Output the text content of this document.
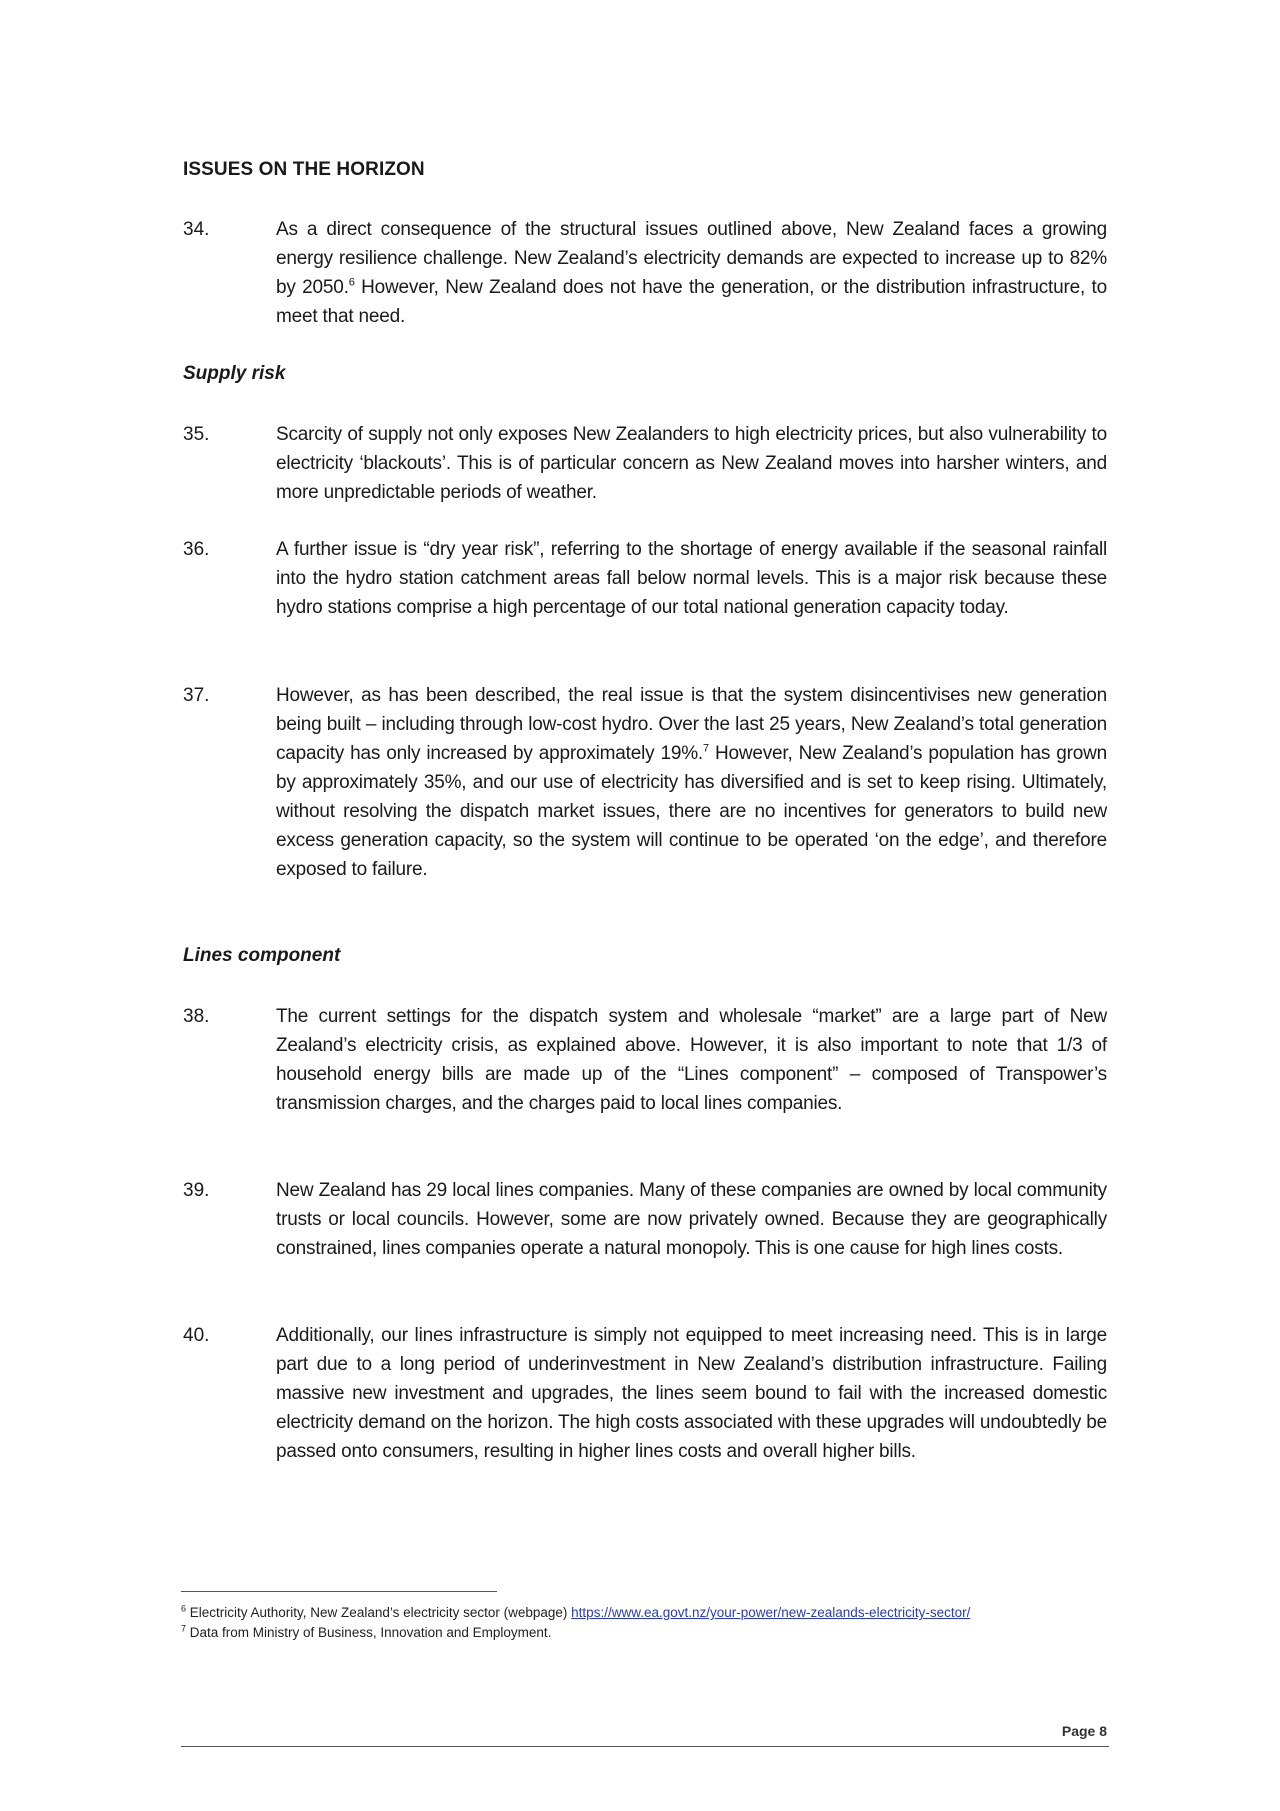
ISSUES ON THE HORIZON
34.	As a direct consequence of the structural issues outlined above, New Zealand faces a growing energy resilience challenge. New Zealand’s electricity demands are expected to increase up to 82% by 2050.$^6$ However, New Zealand does not have the generation, or the distribution infrastructure, to meet that need.
Supply risk
35.	Scarcity of supply not only exposes New Zealanders to high electricity prices, but also vulnerability to electricity ‘blackouts’. This is of particular concern as New Zealand moves into harsher winters, and more unpredictable periods of weather.
36.	A further issue is “dry year risk”, referring to the shortage of energy available if the seasonal rainfall into the hydro station catchment areas fall below normal levels. This is a major risk because these hydro stations comprise a high percentage of our total national generation capacity today.
37.	However, as has been described, the real issue is that the system disincentivises new generation being built – including through low-cost hydro. Over the last 25 years, New Zealand’s total generation capacity has only increased by approximately 19%.$^7$ However, New Zealand’s population has grown by approximately 35%, and our use of electricity has diversified and is set to keep rising. Ultimately, without resolving the dispatch market issues, there are no incentives for generators to build new excess generation capacity, so the system will continue to be operated ‘on the edge’, and therefore exposed to failure.
Lines component
38.	The current settings for the dispatch system and wholesale “market” are a large part of New Zealand’s electricity crisis, as explained above. However, it is also important to note that 1/3 of household energy bills are made up of the “Lines component” – composed of Transpower’s transmission charges, and the charges paid to local lines companies.
39.	New Zealand has 29 local lines companies. Many of these companies are owned by local community trusts or local councils. However, some are now privately owned. Because they are geographically constrained, lines companies operate a natural monopoly. This is one cause for high lines costs.
40.	Additionally, our lines infrastructure is simply not equipped to meet increasing need. This is in large part due to a long period of underinvestment in New Zealand’s distribution infrastructure. Failing massive new investment and upgrades, the lines seem bound to fail with the increased domestic electricity demand on the horizon. The high costs associated with these upgrades will undoubtedly be passed onto consumers, resulting in higher lines costs and overall higher bills.
$^6$ Electricity Authority, New Zealand’s electricity sector (webpage) https://www.ea.govt.nz/your-power/new-zealands-electricity-sector/
$^7$ Data from Ministry of Business, Innovation and Employment.
Page 8
